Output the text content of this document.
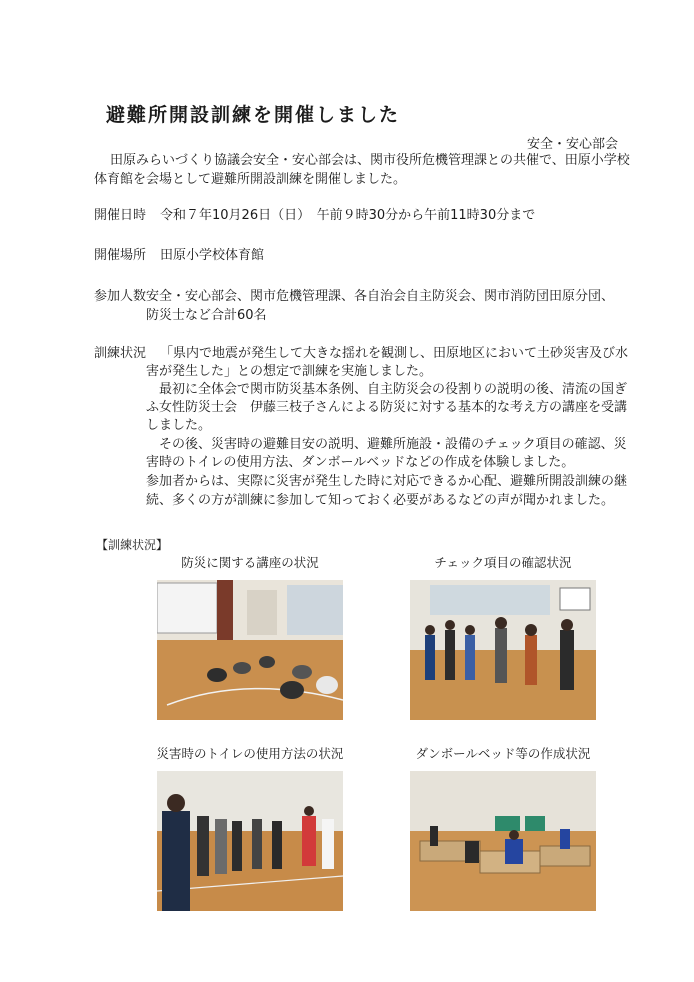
避難所開設訓練を開催しました
安全・安心部会
田原みらいづくり協議会安全・安心部会は、関市役所危機管理課との共催で、田原小学校
体育館を会場として避難所開設訓練を開催しました。
開催日時 令和７年10月26日（日）　午前９時30分から午前11時30分まで
開催場所 田原小学校体育館
参加人数 安全・安心部会、関市危機管理課、各自治会自主防災会、関市消防団田原分団、
防災士など合計60名
訓練状況 「県内で地震が発生して大きな揺れを観測し、田原地区において土砂災害及び水
害が発生した」との想定で訓練を実施しました。
　最初に全体会で関市防災基本条例、自主防災会の役割りの説明の後、清流の国ぎ
ふ女性防災士会　伊藤三枝子さんによる防災に対する基本的な考え方の講座を受講
しました。
　その後、災害時の避難目安の説明、避難所施設・設備のチェック項目の確認、災
害時のトイレの使用方法、ダンボールベッドなどの作成を体験しました。
参加者からは、実際に災害が発生した時に対応できるか心配、避難所開設訓練の継
続、多くの方が訓練に参加して知っておく必要があるなどの声が聞かれました。
【訓練状況】
防災に関する講座の状況	チェック項目の確認状況
災害時のトイレの使用方法の状況	ダンボールベッド等の作成状況
